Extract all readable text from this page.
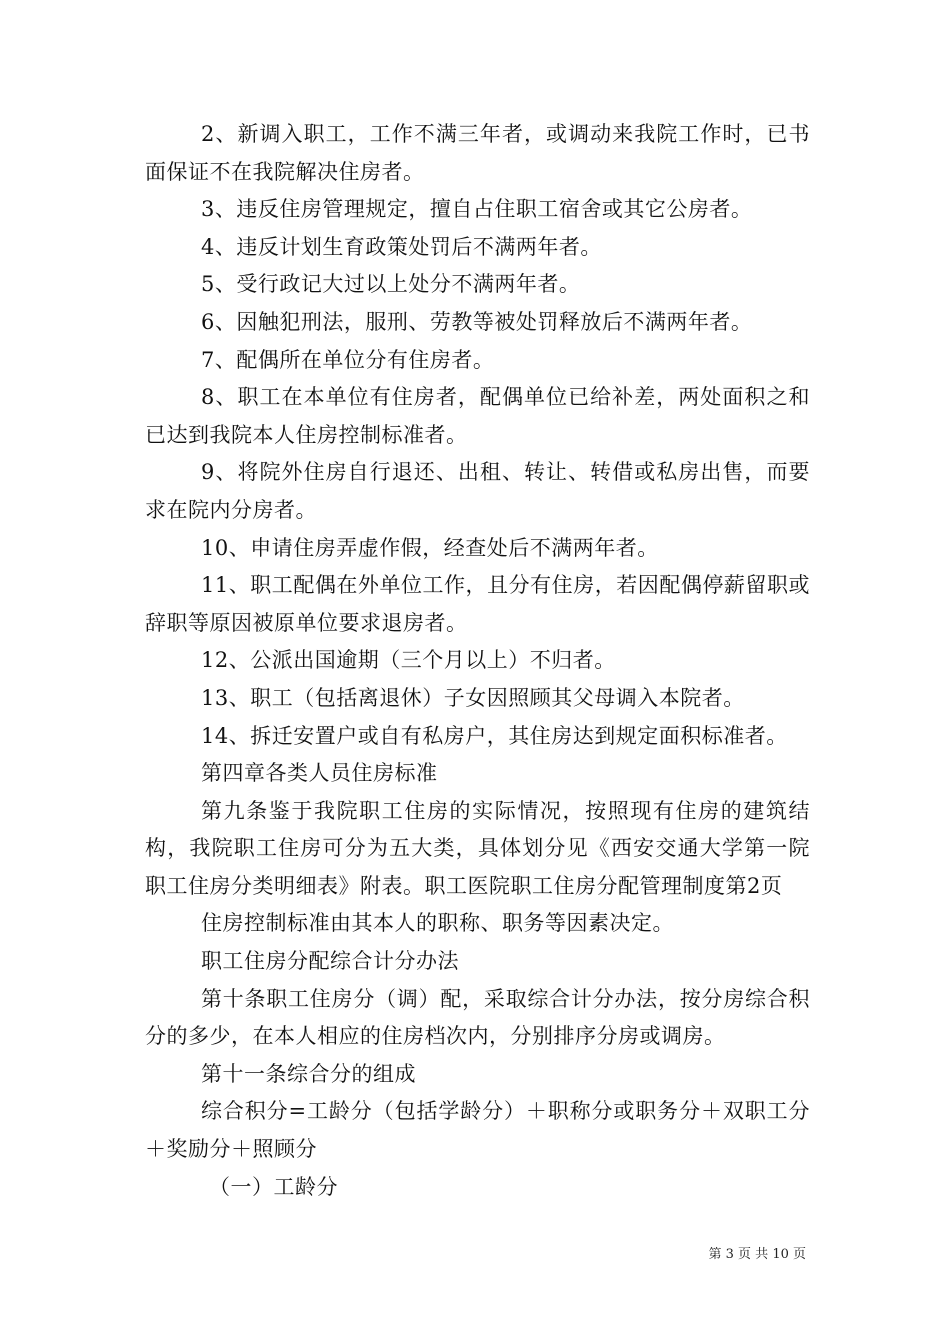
2、新调入职工，工作不满三年者，或调动来我院工作时，已书面保证不在我院解决住房者。

3、违反住房管理规定，擅自占住职工宿舍或其它公房者。

4、违反计划生育政策处罚后不满两年者。

5、受行政记大过以上处分不满两年者。

6、因触犯刑法，服刑、劳教等被处罚释放后不满两年者。

7、配偶所在单位分有住房者。

8、职工在本单位有住房者，配偶单位已给补差，两处面积之和已达到我院本人住房控制标准者。

9、将院外住房自行退还、出租、转让、转借或私房出售，而要求在院内分房者。

10、申请住房弄虚作假，经查处后不满两年者。

11、职工配偶在外单位工作，且分有住房，若因配偶停薪留职或辞职等原因被原单位要求退房者。

12、公派出国逾期（三个月以上）不归者。

13、职工（包括离退休）子女因照顾其父母调入本院者。

14、拆迁安置户或自有私房户，其住房达到规定面积标准者。

第四章各类人员住房标准

第九条鉴于我院职工住房的实际情况，按照现有住房的建筑结构，我院职工住房可分为五大类，具体划分见《西安交通大学第一院职工住房分类明细表》附表。职工医院职工住房分配管理制度第2页

住房控制标准由其本人的职称、职务等因素决定。

职工住房分配综合计分办法

第十条职工住房分（调）配，采取综合计分办法，按分房综合积分的多少，在本人相应的住房档次内，分别排序分房或调房。

第十一条综合分的组成

综合积分=工龄分（包括学龄分）＋职称分或职务分＋双职工分＋奖励分＋照顾分

（一）工龄分

第 3 页 共 10 页
